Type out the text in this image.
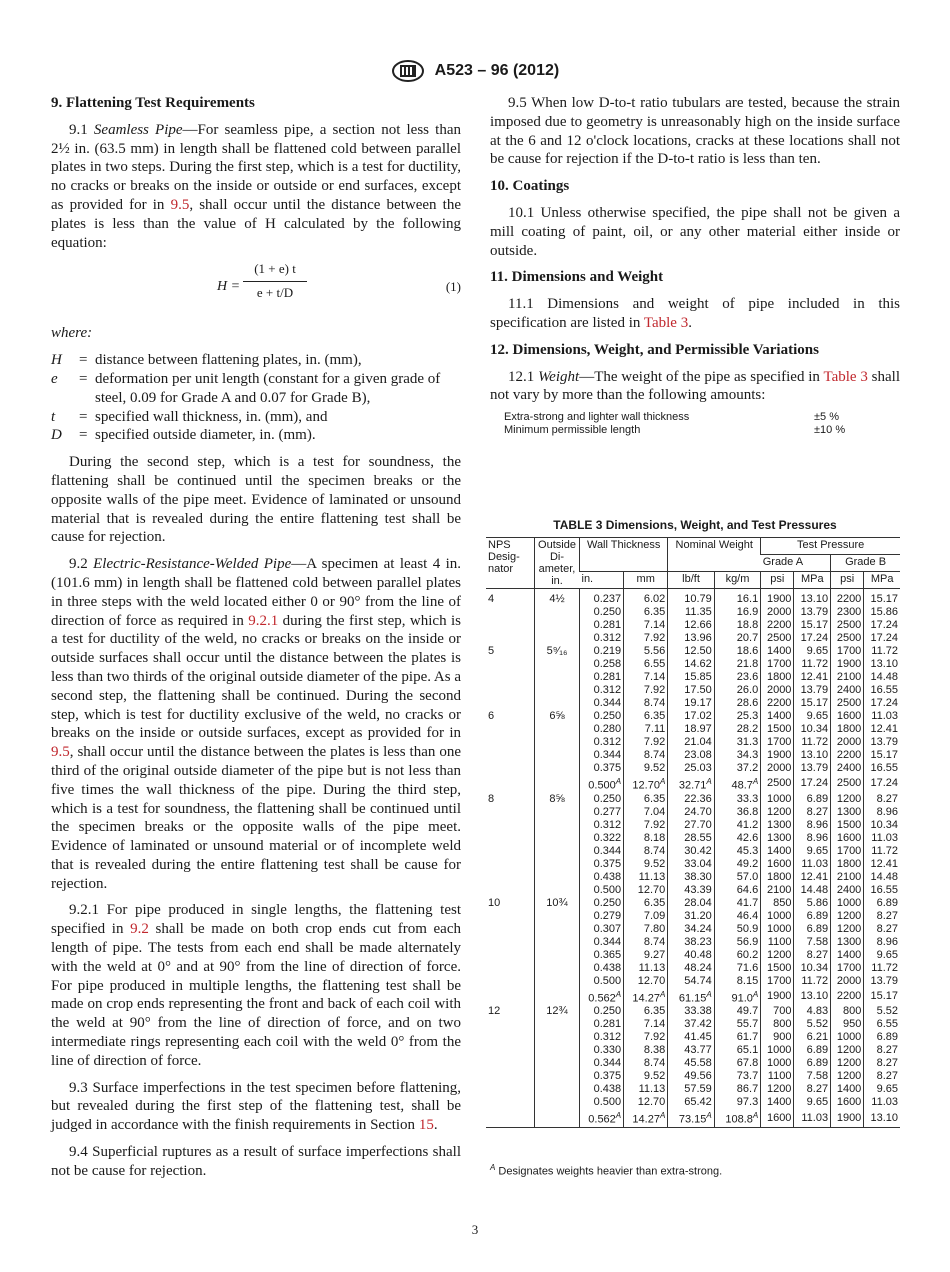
A523 – 96 (2012)
9. Flattening Test Requirements

9.1 Seamless Pipe—For seamless pipe, a section not less than 2½ in. (63.5 mm) in length shall be flattened cold between parallel plates in two steps. During the first step, which is a test for ductility, no cracks or breaks on the inside or outside or end surfaces, except as provided for in 9.5, shall occur until the distance between the plates is less than the value of H calculated by the following equation:

$H = \frac{(1 + e) t}{e + t/D}$	(1)

where:

H	= distance between flattening plates, in. (mm),
e	= deformation per unit length (constant for a given grade of steel, 0.09 for Grade A and 0.07 for Grade B),
t	= specified wall thickness, in. (mm), and
D	= specified outside diameter, in. (mm).

During the second step, which is a test for soundness, the flattening shall be continued until the specimen breaks or the opposite walls of the pipe meet. Evidence of laminated or unsound material that is revealed during the entire flattening test shall be cause for rejection.

9.2 Electric-Resistance-Welded Pipe—A specimen at least 4 in. (101.6 mm) in length shall be flattened cold between parallel plates in three steps with the weld located either 0 or 90° from the line of direction of force as required in 9.2.1 during the first step, which is a test for ductility of the weld, no cracks or breaks on the inside or outside surfaces shall occur until the distance between the plates is less than two thirds of the original outside diameter of the pipe. As a second step, the flattening shall be continued. During the second step, which is test for ductility exclusive of the weld, no cracks or breaks on the inside or outside surfaces, except as provided for in 9.5, shall occur until the distance between the plates is less than one third of the original outside diameter of the pipe but is not less than five times the wall thickness of the pipe. During the third step, which is a test for soundness, the flattening shall be continued until the specimen breaks or the opposite walls of the pipe meet. Evidence of laminated or unsound material or of incomplete weld that is revealed during the entire flattening test shall be cause for rejection.

9.2.1 For pipe produced in single lengths, the flattening test specified in 9.2 shall be made on both crop ends cut from each length of pipe. The tests from each end shall be made alternately with the weld at 0° and at 90° from the line of direction of force. For pipe produced in multiple lengths, the flattening test shall be made on crop ends representing the front and back of each coil with the weld at 90° from the line of direction of force, and on two intermediate rings representing each coil with the weld 0° from the line of direction of force.

9.3 Surface imperfections in the test specimen before flattening, but revealed during the first step of the flattening test, shall be judged in accordance with the finish requirements in Section 15.

9.4 Superficial ruptures as a result of surface imperfections shall not be cause for rejection.

9.5 When low D-to-t ratio tubulars are tested, because the strain imposed due to geometry is unreasonably high on the inside surface at the 6 and 12 o'clock locations, cracks at these locations shall not be cause for rejection if the D-to-t ratio is less than ten.

10. Coatings

10.1 Unless otherwise specified, the pipe shall not be given a mill coating of paint, oil, or any other material either inside or outside.

11. Dimensions and Weight

11.1 Dimensions and weight of pipe included in this specification are listed in Table 3.

12. Dimensions, Weight, and Permissible Variations

12.1 Weight—The weight of the pipe as specified in Table 3 shall not vary by more than the following amounts:

Extra-strong and lighter wall thickness	±5 %
Minimum permissible length	±10 %
TABLE 3 Dimensions, Weight, and Test Pressures
NPS Desig- nator	Outside Di- ameter, in.	Wall Thickness		Nominal Weight		Test Pressure			
						Grade A		Grade B	
		in.	mm	lb/ft	kg/m	psi	MPa	psi	MPa
4	4½	0.237	6.02	10.79	16.1	1900	13.10	2200	15.17
		0.250	6.35	11.35	16.9	2000	13.79	2300	15.86
		0.281	7.14	12.66	18.8	2200	15.17	2500	17.24
		0.312	7.92	13.96	20.7	2500	17.24	2500	17.24
5	5⁹⁄₁₆	0.219	5.56	12.50	18.6	1400	9.65	1700	11.72
		0.258	6.55	14.62	21.8	1700	11.72	1900	13.10
		0.281	7.14	15.85	23.6	1800	12.41	2100	14.48
		0.312	7.92	17.50	26.0	2000	13.79	2400	16.55
		0.344	8.74	19.17	28.6	2200	15.17	2500	17.24
6	6⅝	0.250	6.35	17.02	25.3	1400	9.65	1600	11.03
		0.280	7.11	18.97	28.2	1500	10.34	1800	12.41
		0.312	7.92	21.04	31.3	1700	11.72	2000	13.79
		0.344	8.74	23.08	34.3	1900	13.10	2200	15.17
		0.375	9.52	25.03	37.2	2000	13.79	2400	16.55
		$0.500^A$	$12.70^A$	$32.71^A$	$48.7^A$	2500	17.24	2500	17.24
8	8⅝	0.250	6.35	22.36	33.3	1000	6.89	1200	8.27
		0.277	7.04	24.70	36.8	1200	8.27	1300	8.96
		0.312	7.92	27.70	41.2	1300	8.96	1500	10.34
		0.322	8.18	28.55	42.6	1300	8.96	1600	11.03
		0.344	8.74	30.42	45.3	1400	9.65	1700	11.72
		0.375	9.52	33.04	49.2	1600	11.03	1800	12.41
		0.438	11.13	38.30	57.0	1800	12.41	2100	14.48
		0.500	12.70	43.39	64.6	2100	14.48	2400	16.55
10	10¾	0.250	6.35	28.04	41.7	850	5.86	1000	6.89
		0.279	7.09	31.20	46.4	1000	6.89	1200	8.27
		0.307	7.80	34.24	50.9	1000	6.89	1200	8.27
		0.344	8.74	38.23	56.9	1100	7.58	1300	8.96
		0.365	9.27	40.48	60.2	1200	8.27	1400	9.65
		0.438	11.13	48.24	71.6	1500	10.34	1700	11.72
		0.500	12.70	54.74	8.15	1700	11.72	2000	13.79
		$0.562^A$	$14.27^A$	$61.15^A$	$91.0^A$	1900	13.10	2200	15.17
12	12¾	0.250	6.35	33.38	49.7	700	4.83	800	5.52
		0.281	7.14	37.42	55.7	800	5.52	950	6.55
		0.312	7.92	41.45	61.7	900	6.21	1000	6.89
		0.330	8.38	43.77	65.1	1000	6.89	1200	8.27
		0.344	8.74	45.58	67.8	1000	6.89	1200	8.27
		0.375	9.52	49.56	73.7	1100	7.58	1200	8.27
		0.438	11.13	57.59	86.7	1200	8.27	1400	9.65
		0.500	12.70	65.42	97.3	1400	9.65	1600	11.03
		$0.562^A$	$14.27^A$	$73.15^A$	$108.8^A$	1600	11.03	1900	13.10
$^A$ Designates weights heavier than extra-strong.
3
